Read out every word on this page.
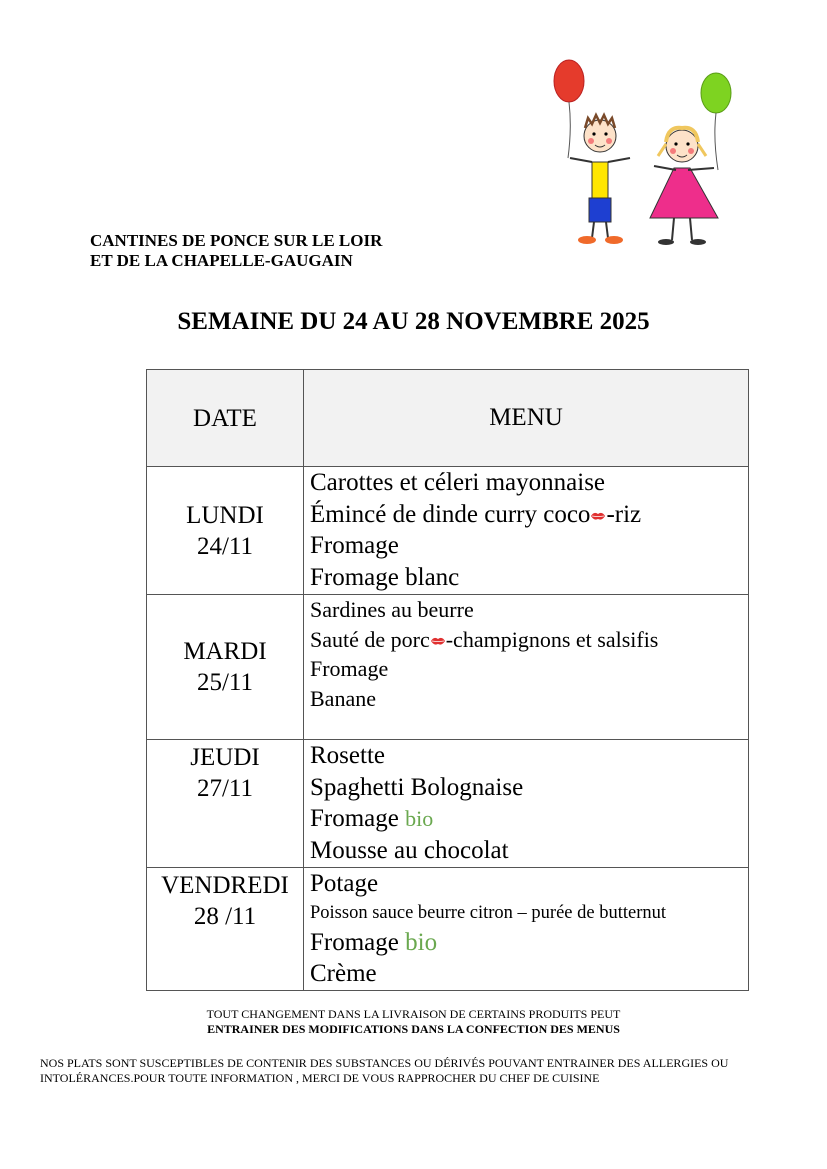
CANTINES DE PONCE SUR LE LOIR
ET DE LA CHAPELLE-GAUGAIN
SEMAINE DU 24 AU 28 NOVEMBRE 2025
DATE	MENU

LUNDI
24/11	Carottes et céleri mayonnaise
Émincé de dinde curry coco -riz
Fromage
Fromage blanc

MARDI
25/11	Sardines au beurre
Sauté de porc -champignons et salsifis
Fromage
Banane

JEUDI
27/11	Rosette
Spaghetti Bolognaise
Fromage bio
Mousse au chocolat

VENDREDI
28 /11	Potage
Poisson sauce beurre citron – purée de butternut
Fromage bio
Crème
TOUT CHANGEMENT DANS LA LIVRAISON DE CERTAINS PRODUITS PEUT
ENTRAINER DES MODIFICATIONS DANS LA CONFECTION DES MENUS
NOS PLATS SONT SUSCEPTIBLES DE CONTENIR DES SUBSTANCES OU DÉRIVÉS POUVANT ENTRAINER DES ALLERGIES OU INTOLÉRANCES.POUR TOUTE INFORMATION , MERCI DE VOUS RAPPROCHER DU CHEF DE CUISINE
